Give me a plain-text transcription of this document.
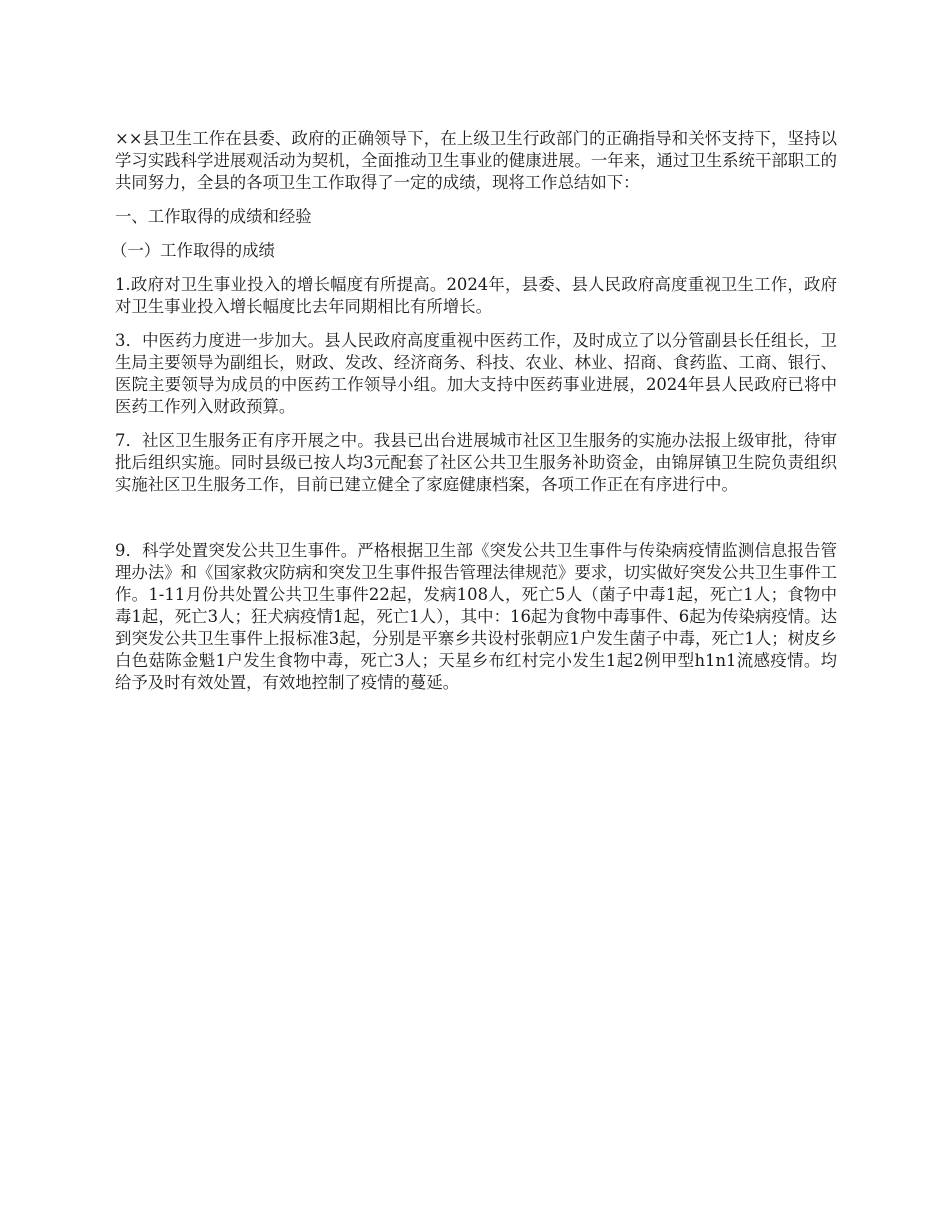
××县卫生工作在县委、政府的正确领导下，在上级卫生行政部门的正确指导和关怀支持下，坚持以学习实践科学进展观活动为契机，全面推动卫生事业的健康进展。一年来，通过卫生系统干部职工的共同努力，全县的各项卫生工作取得了一定的成绩，现将工作总结如下：

一、工作取得的成绩和经验

（一）工作取得的成绩

1.政府对卫生事业投入的增长幅度有所提高。2024年，县委、县人民政府高度重视卫生工作，政府对卫生事业投入增长幅度比去年同期相比有所增长。

3．中医药力度进一步加大。县人民政府高度重视中医药工作，及时成立了以分管副县长任组长，卫生局主要领导为副组长，财政、发改、经济商务、科技、农业、林业、招商、食药监、工商、银行、医院主要领导为成员的中医药工作领导小组。加大支持中医药事业进展，2024年县人民政府已将中医药工作列入财政预算。

7．社区卫生服务正有序开展之中。我县已出台进展城市社区卫生服务的实施办法报上级审批，待审批后组织实施。同时县级已按人均3元配套了社区公共卫生服务补助资金，由锦屏镇卫生院负责组织实施社区卫生服务工作，目前已建立健全了家庭健康档案，各项工作正在有序进行中。

9．科学处置突发公共卫生事件。严格根据卫生部《突发公共卫生事件与传染病疫情监测信息报告管理办法》和《国家救灾防病和突发卫生事件报告管理法律规范》要求，切实做好突发公共卫生事件工作。1-11月份共处置公共卫生事件22起，发病108人，死亡5人（菌子中毒1起，死亡1人；食物中毒1起，死亡3人；狂犬病疫情1起，死亡1人），其中：16起为食物中毒事件、6起为传染病疫情。达到突发公共卫生事件上报标准3起，分别是平寨乡共设村张朝应1户发生菌子中毒，死亡1人；树皮乡白色菇陈金魁1户发生食物中毒，死亡3人；天星乡布红村完小发生1起2例甲型h1n1流感疫情。均给予及时有效处置，有效地控制了疫情的蔓延。
